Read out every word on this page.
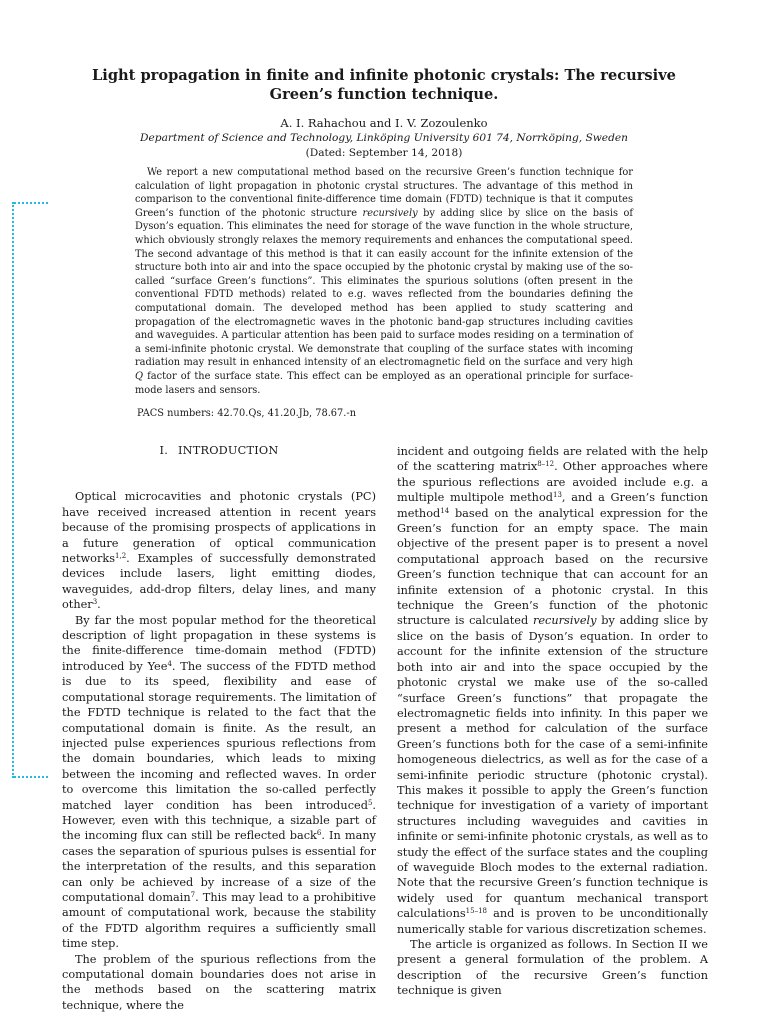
Light propagation in finite and infinite photonic crystals: The recursive Green’s function technique.
A. I. Rahachou and I. V. Zozoulenko
Department of Science and Technology, Linköping University 601 74, Norrköping, Sweden
(Dated: September 14, 2018)

We report a new computational method based on the recursive Green’s function technique for calculation of light propagation in photonic crystal structures. The advantage of this method in comparison to the conventional finite-difference time domain (FDTD) technique is that it computes Green’s function of the photonic structure recursively by adding slice by slice on the basis of Dyson’s equation. This eliminates the need for storage of the wave function in the whole structure, which obviously strongly relaxes the memory requirements and enhances the computational speed. The second advantage of this method is that it can easily account for the infinite extension of the structure both into air and into the space occupied by the photonic crystal by making use of the so-called “surface Green’s functions”. This eliminates the spurious solutions (often present in the conventional FDTD methods) related to e.g. waves reflected from the boundaries defining the computational domain. The developed method has been applied to study scattering and propagation of the electromagnetic waves in the photonic band-gap structures including cavities and waveguides. A particular attention has been paid to surface modes residing on a termination of a semi-infinite photonic crystal. We demonstrate that coupling of the surface states with incoming radiation may result in enhanced intensity of an electromagnetic field on the surface and very high Q factor of the surface state. This effect can be employed as an operational principle for surface-mode lasers and sensors.

PACS numbers: 42.70.Qs, 41.20.Jb, 78.67.-n

I. INTRODUCTION

Optical microcavities and photonic crystals (PC) have received increased attention in recent years because of the promising prospects of applications in a future generation of optical communication networks$^{1,2}$. Examples of successfully demonstrated devices include lasers, light emitting diodes, waveguides, add-drop filters, delay lines, and many other$^3$.

By far the most popular method for the theoretical description of light propagation in these systems is the finite-difference time-domain method (FDTD) introduced by Yee$^4$. The success of the FDTD method is due to its speed, flexibility and ease of computational storage requirements. The limitation of the FDTD technique is related to the fact that the computational domain is finite. As the result, an injected pulse experiences spurious reflections from the domain boundaries, which leads to mixing between the incoming and reflected waves. In order to overcome this limitation the so-called perfectly matched layer condition has been introduced$^5$. However, even with this technique, a sizable part of the incoming flux can still be reflected back$^6$. In many cases the separation of spurious pulses is essential for the interpretation of the results, and this separation can only be achieved by increase of a size of the computational domain$^7$. This may lead to a prohibitive amount of computational work, because the stability of the FDTD algorithm requires a sufficiently small time step.

The problem of the spurious reflections from the computational domain boundaries does not arise in the methods based on the scattering matrix technique, where the

incident and outgoing fields are related with the help of the scattering matrix$^{8-12}$. Other approaches where the spurious reflections are avoided include e.g. a multiple multipole method$^{13}$, and a Green’s function method$^{14}$ based on the analytical expression for the Green’s function for an empty space. The main objective of the present paper is to present a novel computational approach based on the recursive Green’s function technique that can account for an infinite extension of a photonic crystal. In this technique the Green’s function of the photonic structure is calculated recursively by adding slice by slice on the basis of Dyson’s equation. In order to account for the infinite extension of the structure both into air and into the space occupied by the photonic crystal we make use of the so-called “surface Green’s functions” that propagate the electromagnetic fields into infinity. In this paper we present a method for calculation of the surface Green’s functions both for the case of a semi-infinite homogeneous dielectrics, as well as for the case of a semi-infinite periodic structure (photonic crystal). This makes it possible to apply the Green’s function technique for investigation of a variety of important structures including waveguides and cavities in infinite or semi-infinite photonic crystals, as well as to study the effect of the surface states and the coupling of waveguide Bloch modes to the external radiation. Note that the recursive Green’s function technique is widely used for quantum mechanical transport calculations$^{15-18}$ and is proven to be unconditionally numerically stable for various discretization schemes.

The article is organized as follows. In Section II we present a general formulation of the problem. A description of the recursive Green’s function technique is given
